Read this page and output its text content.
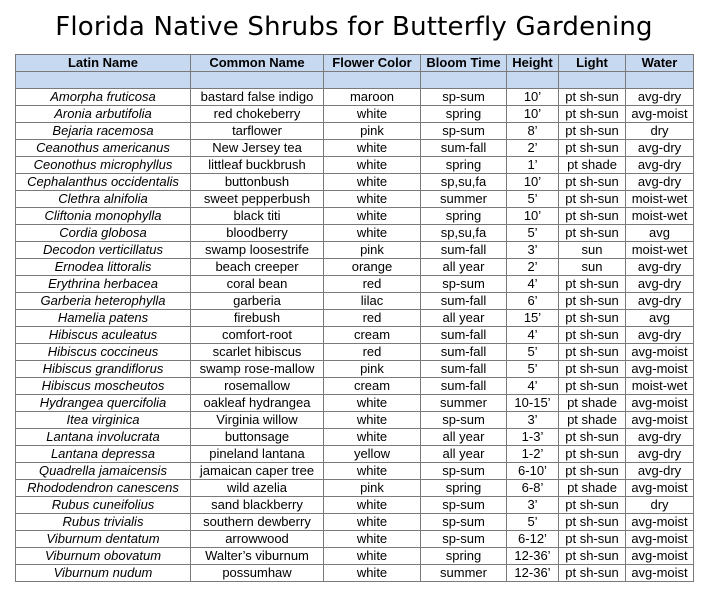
Florida Native Shrubs for Butterfly Gardening
Latin Name	Common Name	Flower Color	Bloom Time	Height	Light	Water

Amorpha fruticosa	bastard false indigo	maroon	sp-sum	10’	pt sh-sun	avg-dry
Aronia arbutifolia	red chokeberry	white	spring	10’	pt sh-sun	avg-moist
Bejaria racemosa	tarflower	pink	sp-sum	8’	pt sh-sun	dry
Ceanothus americanus	New Jersey tea	white	sum-fall	2’	pt sh-sun	avg-dry
Ceonothus microphyllus	littleaf buckbrush	white	spring	1’	pt shade	avg-dry
Cephalanthus occidentalis	buttonbush	white	sp,su,fa	10’	pt sh-sun	avg-dry
Clethra alnifolia	sweet pepperbush	white	summer	5’	pt sh-sun	moist-wet
Cliftonia monophylla	black titi	white	spring	10’	pt sh-sun	moist-wet
Cordia globosa	bloodberry	white	sp,su,fa	5’	pt sh-sun	avg
Decodon verticillatus	swamp loosestrife	pink	sum-fall	3’	sun	moist-wet
Ernodea littoralis	beach creeper	orange	all year	2’	sun	avg-dry
Erythrina herbacea	coral bean	red	sp-sum	4’	pt sh-sun	avg-dry
Garberia heterophylla	garberia	lilac	sum-fall	6’	pt sh-sun	avg-dry
Hamelia patens	firebush	red	all year	15’	pt sh-sun	avg
Hibiscus aculeatus	comfort-root	cream	sum-fall	4’	pt sh-sun	avg-dry
Hibiscus coccineus	scarlet hibiscus	red	sum-fall	5’	pt sh-sun	avg-moist
Hibiscus grandiflorus	swamp rose-mallow	pink	sum-fall	5’	pt sh-sun	avg-moist
Hibiscus moscheutos	rosemallow	cream	sum-fall	4’	pt sh-sun	moist-wet
Hydrangea quercifolia	oakleaf hydrangea	white	summer	10-15’	pt shade	avg-moist
Itea virginica	Virginia willow	white	sp-sum	3’	pt shade	avg-moist
Lantana involucrata	buttonsage	white	all year	1-3’	pt sh-sun	avg-dry
Lantana depressa	pineland lantana	yellow	all year	1-2’	pt sh-sun	avg-dry
Quadrella jamaicensis	jamaican caper tree	white	sp-sum	6-10’	pt sh-sun	avg-dry
Rhododendron canescens	wild azelia	pink	spring	6-8’	pt shade	avg-moist
Rubus cuneifolius	sand blackberry	white	sp-sum	3’	pt sh-sun	dry
Rubus trivialis	southern dewberry	white	sp-sum	5’	pt sh-sun	avg-moist
Viburnum dentatum	arrowwood	white	sp-sum	6-12’	pt sh-sun	avg-moist
Viburnum obovatum	Walter’s viburnum	white	spring	12-36’	pt sh-sun	avg-moist
Viburnum nudum	possumhaw	white	summer	12-36’	pt sh-sun	avg-moist
